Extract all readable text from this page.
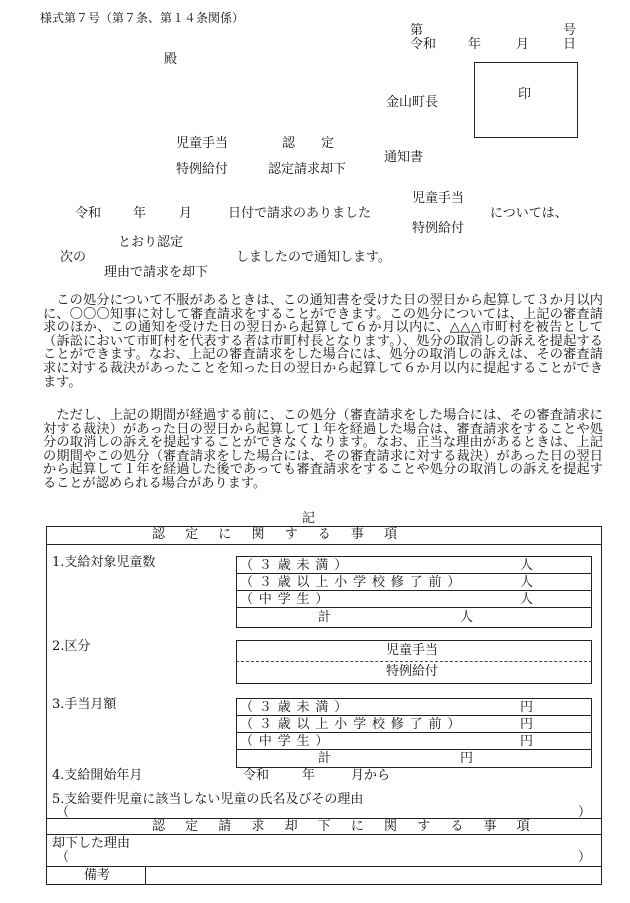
様式第７号（第７条、第１４条関係）
第	号
令和 年	月	日
殿
金山町長
印
児童手当	認　　定
特例給付	認定請求却下
通知書
児童手当
令和 年	月	日付で請求のありました	については、
特例給付
とおり認定
次の	しましたので通知します。
理由で請求を却下
　この処分について不服があるときは、この通知書を受けた日の翌日から起算して３か月以内に、〇〇〇知事に対して審査請求をすることができます。この処分については、上記の審査請求のほか、この通知を受けた日の翌日から起算して６か月以内に、△△△市町村を被告として（訴訟において市町村を代表する者は市町村長となります。）、処分の取消しの訴えを提起することができます。なお、上記の審査請求をした場合には、処分の取消しの訴えは、その審査請求に対する裁決があったことを知った日の翌日から起算して６か月以内に提起することができます。
　ただし、上記の期間が経過する前に、この処分（審査請求をした場合には、その審査請求に対する裁決）があった日の翌日から起算して１年を経過した場合は、審査請求をすることや処分の取消しの訴えを提起することができなくなります。なお、正当な理由があるときは、上記の期間やこの処分（審査請求をした場合には、その審査請求に対する裁決）があった日の翌日から起算して１年を経過した後であっても審査請求をすることや処分の取消しの訴えを提起することが認められる場合があります。
記
認定に関する事項
1.支給対象児童数	（３歳未満）	人
（３歳以上小学校修了前）	人
（中学生）	人
計	人
2.区分	児童手当
特例給付
3.手当月額	（３歳未満）	円
（３歳以上小学校修了前）	円
（中学生）	円
計	円
4.支給開始年月	令和	年	月から
5.支給要件児童に該当しない児童の氏名及びその理由
（	）
認定請求却下に関する事項
却下した理由
（	）
備考
